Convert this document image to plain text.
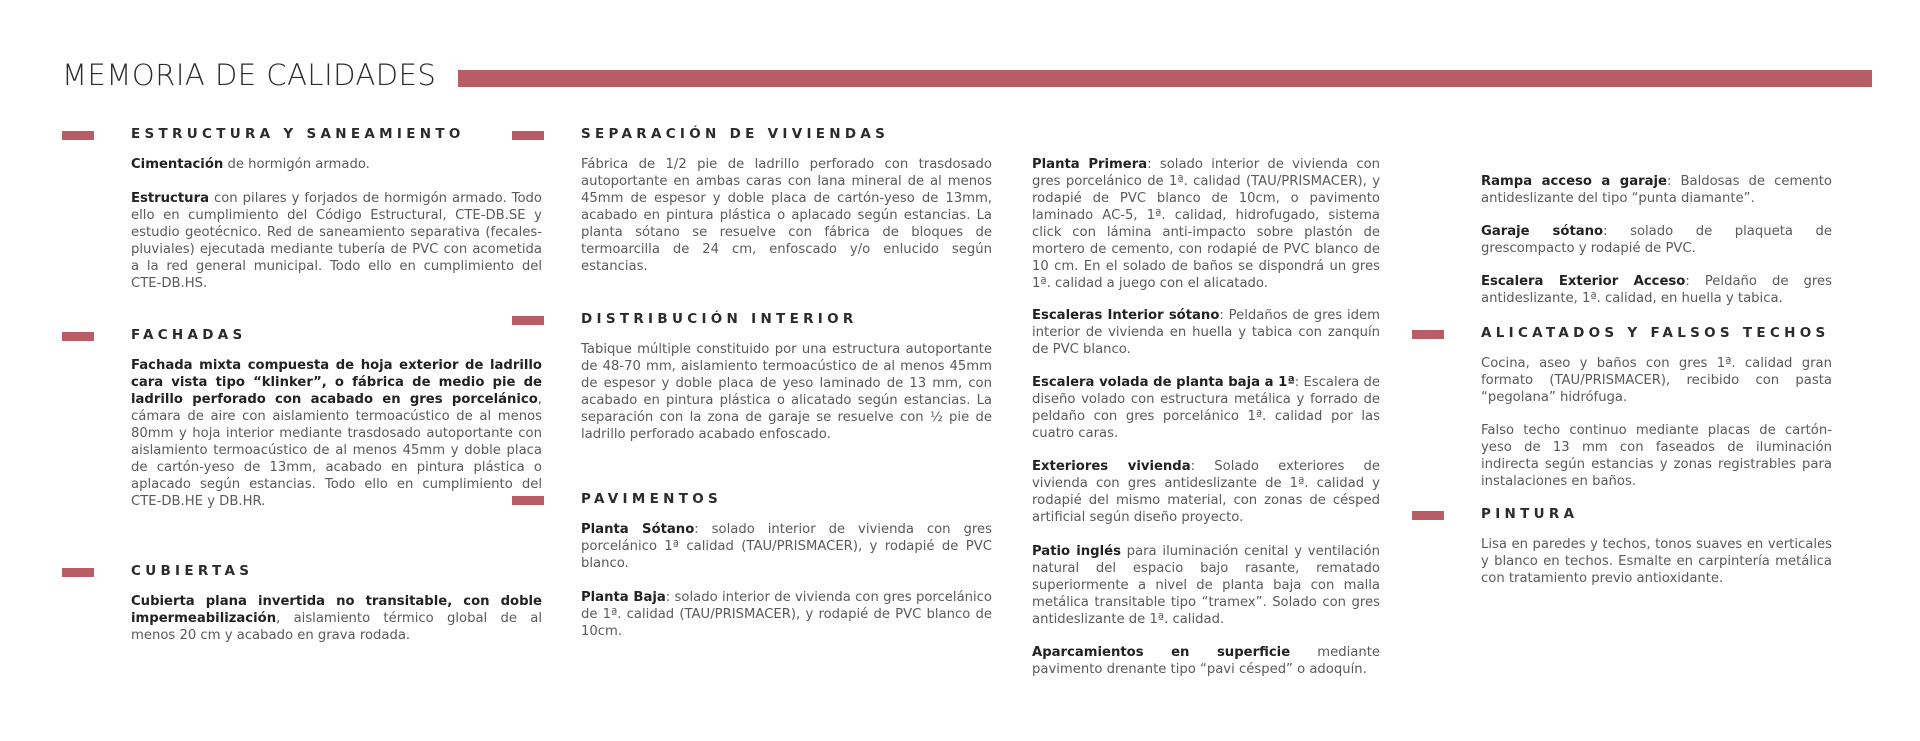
MEMORIA DE CALIDADES
ESTRUCTURA Y SANEAMIENTO

Cimentación de hormigón armado.

Estructura con pilares y forjados de hormigón armado. Todo ello en cumplimiento del Código Estructural, CTE-DB.SE y estudio geotécnico. Red de saneamiento separativa (fecales-pluviales) ejecutada mediante tubería de PVC con acometida a la red general municipal. Todo ello en cumplimiento del CTE-DB.HS.

FACHADAS

Fachada mixta compuesta de hoja exterior de ladrillo cara vista tipo “klinker”, o fábrica de medio pie de ladrillo perforado con acabado en gres porcelánico, cámara de aire con aislamiento termoacústico de al menos 80mm y hoja interior mediante trasdosado autoportante con aislamiento termoacústico de al menos 45mm y doble placa de cartón-yeso de 13mm, acabado en pintura plástica o aplacado según estancias. Todo ello en cumplimiento del CTE-DB.HE y DB.HR.

CUBIERTAS

Cubierta plana invertida no transitable, con doble impermeabilización, aislamiento térmico global de al menos 20 cm y acabado en grava rodada.

SEPARACIÓN DE VIVIENDAS

Fábrica de 1/2 pie de ladrillo perforado con trasdosado autoportante en ambas caras con lana mineral de al menos 45mm de espesor y doble placa de cartón-yeso de 13mm, acabado en pintura plástica o aplacado según estancias. La planta sótano se resuelve con fábrica de bloques de termoarcilla de 24 cm, enfoscado y/o enlucido según estancias.

DISTRIBUCIÓN INTERIOR

Tabique múltiple constituido por una estructura autoportante de 48-70 mm, aislamiento termoacústico de al menos 45mm de espesor y doble placa de yeso laminado de 13 mm, con acabado en pintura plástica o alicatado según estancias. La separación con la zona de garaje se resuelve con ½ pie de ladrillo perforado acabado enfoscado.

PAVIMENTOS

Planta Sótano: solado interior de vivienda con gres porcelánico 1ª calidad (TAU/PRISMACER), y rodapié de PVC blanco.

Planta Baja: solado interior de vivienda con gres porcelánico de 1ª. calidad (TAU/PRISMACER), y rodapié de PVC blanco de 10cm.

Planta Primera: solado interior de vivienda con gres porcelánico de 1ª. calidad (TAU/PRISMACER), y rodapié de PVC blanco de 10cm, o pavimento laminado AC-5, 1ª. calidad, hidrofugado, sistema click con lámina anti-impacto sobre plastón de mortero de cemento, con rodapié de PVC blanco de 10 cm. En el solado de baños se dispondrá un gres 1ª. calidad a juego con el alicatado.

Escaleras Interior sótano: Peldaños de gres idem interior de vivienda en huella y tabica con zanquín de PVC blanco.

Escalera volada de planta baja a 1ª: Escalera de diseño volado con estructura metálica y forrado de peldaño con gres porcelánico 1ª. calidad por las cuatro caras.

Exteriores vivienda: Solado exteriores de vivienda con gres antideslizante de 1ª. calidad y rodapié del mismo material, con zonas de césped artificial según diseño proyecto.

Patio inglés para iluminación cenital y ventilación natural del espacio bajo rasante, rematado superiormente a nivel de planta baja con malla metálica transitable tipo “tramex”. Solado con gres antideslizante de 1ª. calidad.

Aparcamientos en superficie mediante pavimento drenante tipo “pavi césped” o adoquín.

Rampa acceso a garaje: Baldosas de cemento antideslizante del tipo “punta diamante”.

Garaje sótano: solado de plaqueta de grescompacto y rodapié de PVC.

Escalera Exterior Acceso: Peldaño de gres antideslizante, 1ª. calidad, en huella y tabica.

ALICATADOS Y FALSOS TECHOS

Cocina, aseo y baños con gres 1ª. calidad gran formato (TAU/PRISMACER), recibido con pasta “pegolana” hidrófuga.

Falso techo continuo mediante placas de cartón-yeso de 13 mm con faseados de iluminación indirecta según estancias y zonas registrables para instalaciones en baños.

PINTURA

Lisa en paredes y techos, tonos suaves en verticales y blanco en techos. Esmalte en carpintería metálica con tratamiento previo antioxidante.
